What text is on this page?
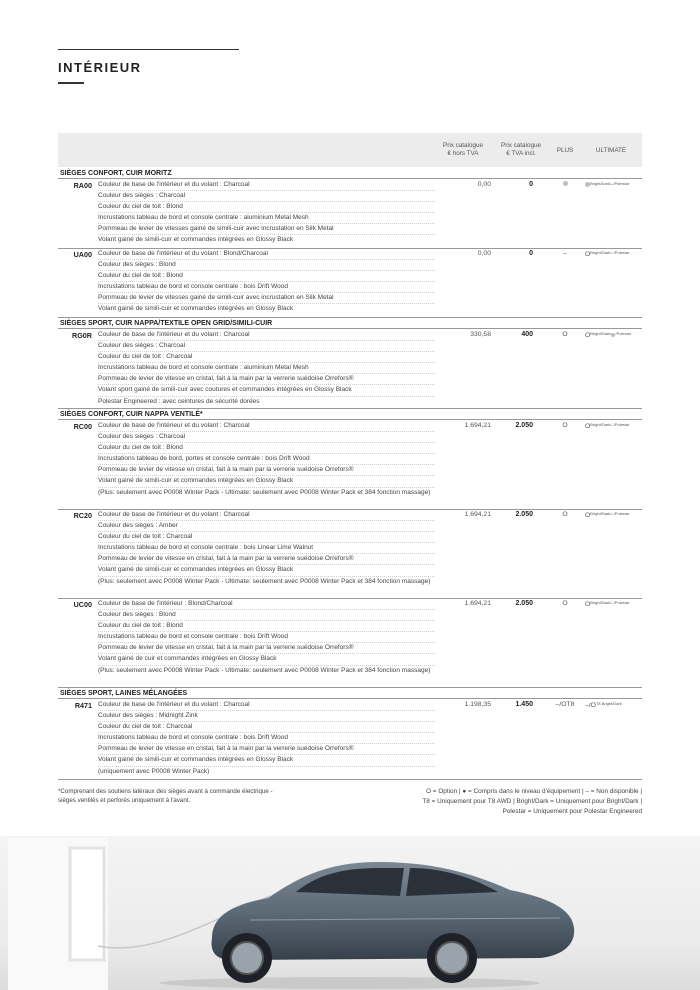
INTÉRIEUR
Prix catalogue
€ hors TVA
Prix catalogue
€ TVA incl.	PLUS	ULTIMATE
SIÈGES CONFORT, CUIR MORITZ
RA00 Couleur de base de l'intérieur et du volant : Charcoal
Couleur des sièges : Charcoal
Couleur du ciel de toit : Blond
Incrustations tableau de bord et console centrale : aluminium Metal Mesh
Pommeau de levier de vitesses gainé de simili-cuir avec incrustation en Silk Metal
Volant gainé de simili-cuir et commandes intégrées en Glossy Black
0,00	0	$^{Bright/Dark/-/Polestar}$
UA00 Couleur de base de l'intérieur et du volant : Blond/Charcoal
Couleur des sièges : Blond
Couleur du ciel de toit : Blond
Incrustations tableau de bord et console centrale : bois Drift Wood
Pommeau de levier de vitesses gainé de simili-cuir avec incrustation en Silk Metal
Volant gainé de simili-cuir et commandes intégrées en Glossy Black
0,00	0	–	$O^{Bright/Dark/-/Polestar}$
SIÈGES SPORT, CUIR NAPPA/TEXTILE OPEN GRID/SIMILI-CUIR
RG0R Couleur de base de l'intérieur et du volant : Charcoal
Couleur des sièges : Charcoal
Couleur du ciel de toit : Charcoal
Incrustations tableau de bord et console centrale : aluminium Metal Mesh
Pommeau de levier de vitesse en cristal, fait à la main par la verrerie suédoise Orrefors®
Volant sport gainé de simili-cuir avec coutures et commandes intégrées en Glossy Black
Polestar Engineered : avec ceintures de sécurité dorées
330,58	400	O	$O^{Bright/Dark}$ $^{/Polestar}$
SIÈGES CONFORT, CUIR NAPPA VENTILÉ*
RC00 Couleur de base de l'intérieur et du volant : Charcoal
Couleur des sièges : Charcoal
Couleur du ciel de toit : Blond
Incrustations tableau de bord, portes et console centrale : bois Drift Wood
Pommeau de levier de vitesse en cristal, fait à la main par la verrerie suédoise Orrefors®
Volant gainé de simili-cuir et commandes intégrées en Glossy Black
(Plus: seulement avec P0008 Winter Pack - Ultimate: seulement avec P0008 Winter Pack et 384 fonction massage)
1.694,21	2.050	O	$O^{Bright/Dark/-/Polestar}$
RC20 Couleur de base de l'intérieur et du volant : Charcoal
Couleur des sièges : Amber
Couleur du ciel de toit : Charcoal
Incrustations tableau de bord et console centrale : bois Linear Lime Walnut
Pommeau de levier de vitesse en cristal, fait à la main par la verrerie suédoise Orrefors®
Volant gainé de simili-cuir et commandes intégrées en Glossy Black
(Plus: seulement avec P0008 Winter Pack - Ultimate: seulement avec P0008 Winter Pack et 384 fonction massage)
1.694,21	2.050	O	$O^{Bright/Dark/-/Polestar}$
UC00 Couleur de base de l'intérieur : Blond/Charcoal
Couleur des sièges : Blond
Couleur du ciel de toit : Blond
Incrustations tableau de bord et console centrale : bois Drift Wood
Pommeau de levier de vitesse en cristal, fait à la main par la verrerie suédoise Orrefors®
Volant gainé de cuir et commandes intégrées en Glossy Black
(Plus: seulement avec P0008 Winter Pack - Ultimate: seulement avec P0008 Winter Pack et 384 fonction massage)
1.694,21	2.050	O	$O^{Bright/Dark/-/Polestar}$
SIÈGES SPORT, LAINES MÉLANGÉES
R471 Couleur de base de l'intérieur et du volant : Charcoal
Couleur des sièges : Midnight Zink
Couleur du ciel de toit : Charcoal
Incrustations tableau de bord et console centrale : bois Drift Wood
Pommeau de levier de vitesse en cristal, fait à la main par la verrerie suédoise Orrefors®
Volant gainé de simili-cuir et commandes intégrées en Glossy Black
(uniquement avec P0008 Winter Pack)
1.198,35	1.450	–/OT8	$-/O^{T8 Bright/Dark}$

*Comprenant des soutiens latéraux des sièges avant à commande électrique -
sièges ventilés et perforés uniquement à l'avant.

O = Option | ● = Compris dans le niveau d'équipement | – = Non disponible |
T8 = Uniquement pour T8 AWD | Bright/Dark = Uniquement pour Bright/Dark |
Polestar = Uniquement pour Polestar Engineered
